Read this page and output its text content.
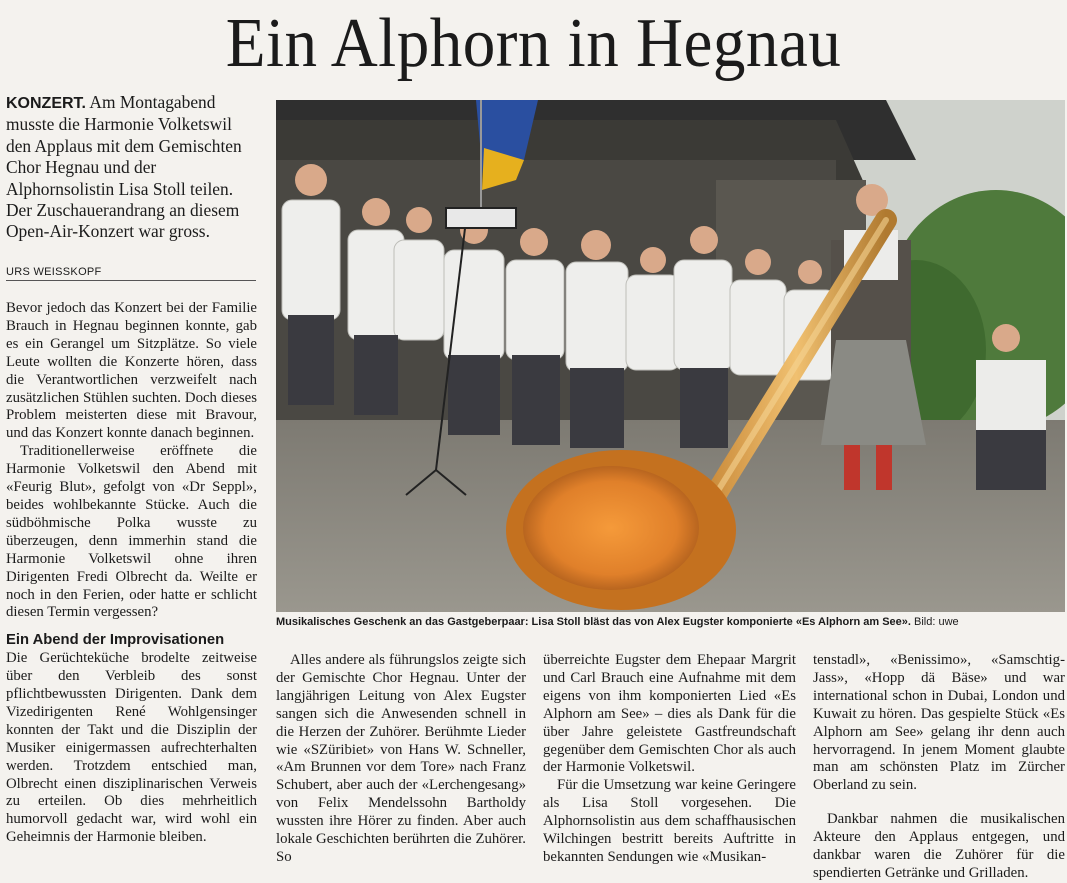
Ein Alphorn in Hegnau
KONZERT. Am Montagabend musste die Harmonie Volketswil den Applaus mit dem Gemischten Chor Hegnau und der Alphornsolistin Lisa Stoll teilen. Der Zuschauerandrang an diesem Open-Air-Konzert war gross.
URS WEISSKOPF

Bevor jedoch das Konzert bei der Familie Brauch in Hegnau beginnen konnte, gab es ein Gerangel um Sitzplätze. So viele Leute wollten die Konzerte hören, dass die Verantwortlichen verzweifelt nach zusätzlichen Stühlen suchten. Doch dieses Problem meisterten diese mit Bravour, und das Konzert konnte danach beginnen.

Traditionellerweise eröffnete die Harmonie Volketswil den Abend mit «Feurig Blut», gefolgt von «Dr Seppl», beides wohlbekannte Stücke. Auch die südböhmische Polka wusste zu überzeugen, denn immerhin stand die Harmonie Volketswil ohne ihren Dirigenten Fredi Olbrecht da. Weilte er noch in den Ferien, oder hatte er schlicht diesen Termin vergessen?

Ein Abend der Improvisationen

Die Gerüchteküche brodelte zeitweise über den Verbleib des sonst pflichtbewussten Dirigenten. Dank dem Vizedirigenten René Wohlgensinger konnten der Takt und die Disziplin der Musiker einigermassen aufrechterhalten werden. Trotzdem entschied man, Olbrecht einen disziplinarischen Verweis zu erteilen. Ob dies mehrheitlich humorvoll gedacht war, wird wohl ein Geheimnis der Harmonie bleiben.

Musikalisches Geschenk an das Gastgeberpaar: Lisa Stoll bläst das von Alex Eugster komponierte «Es Alphorn am See». Bild: uwe

Alles andere als führungslos zeigte sich der Gemischte Chor Hegnau. Unter der langjährigen Leitung von Alex Eugster sangen sich die Anwesenden schnell in die Herzen der Zuhörer. Berühmte Lieder wie «SZüribiet» von Hans W. Schneller, «Am Brunnen vor dem Tore» nach Franz Schubert, aber auch der «Lerchengesang» von Felix Mendelssohn Bartholdy wussten ihre Hörer zu finden. Aber auch lokale Geschichten berührten die Zuhörer. So

überreichte Eugster dem Ehepaar Margrit und Carl Brauch eine Aufnahme mit dem eigens von ihm komponierten Lied «Es Alphorn am See» – dies als Dank für die über Jahre geleistete Gastfreundschaft gegenüber dem Gemischten Chor als auch der Harmonie Volketswil.

Für die Umsetzung war keine Geringere als Lisa Stoll vorgesehen. Die Alphornsolistin aus dem schaffhausischen Wilchingen bestritt bereits Auftritte in bekannten Sendungen wie «Musikan-

tenstadl», «Benissimo», «Samschtig-Jass», «Hopp dä Bäse» und war international schon in Dubai, London und Kuwait zu hören. Das gespielte Stück «Es Alphorn am See» gelang ihr denn auch hervorragend. In jenem Moment glaubte man am schönsten Platz im Zürcher Oberland zu sein.

Dankbar nahmen die musikalischen Akteure den Applaus entgegen, und dankbar waren die Zuhörer für die spendierten Getränke und Grilladen.
